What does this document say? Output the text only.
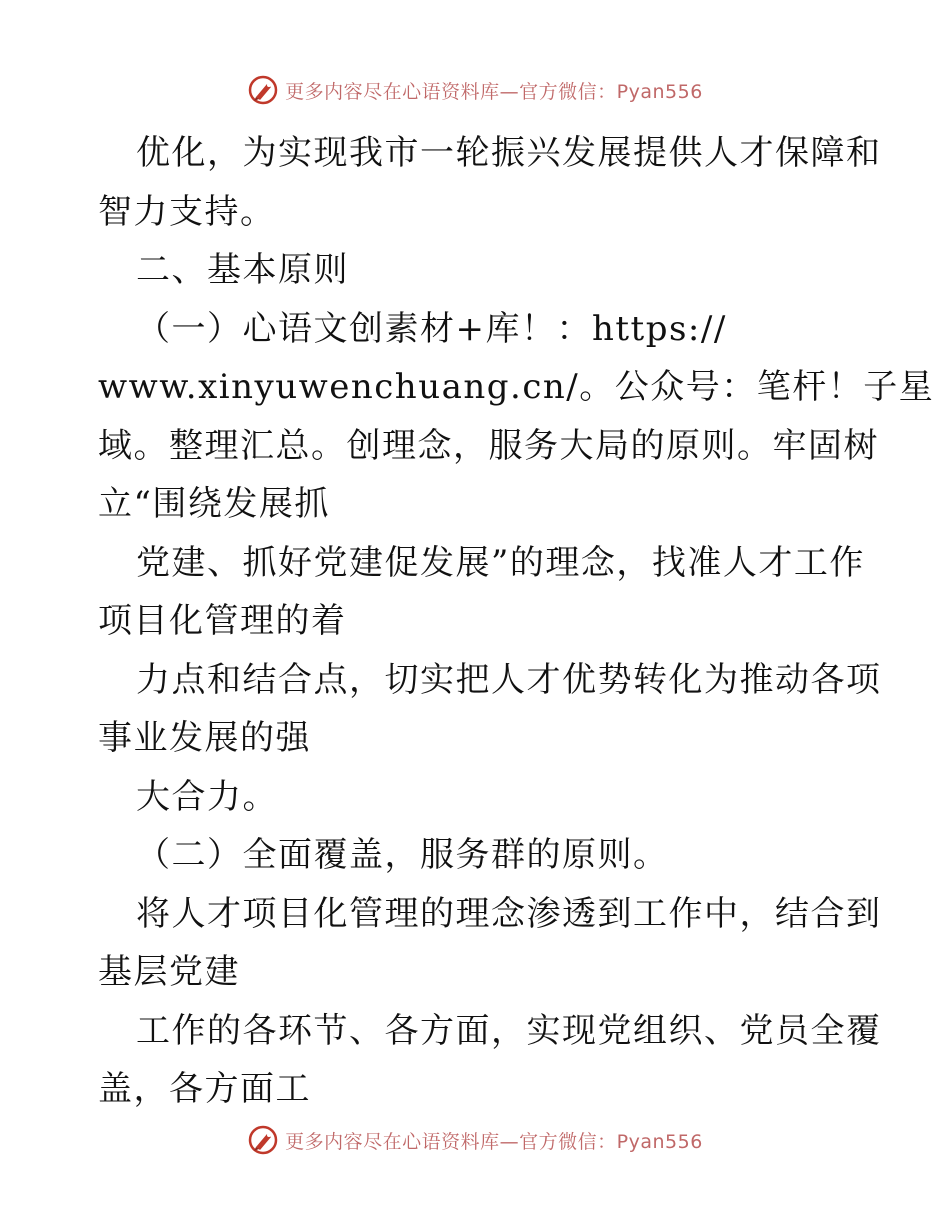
更多内容尽在心语资料库—官方微信：Pyan556
优化，为实现我市一轮振兴发展提供人才保障和
智力支持。
二、基本原则
（一）心语文创素材+库！：https://
www.xinyuwenchuang.cn/。公众号：笔杆！子星
域。整理汇总。创理念，服务大局的原则。牢固树
立“围绕发展抓
党建、抓好党建促发展”的理念，找准人才工作
项目化管理的着
力点和结合点，切实把人才优势转化为推动各项
事业发展的强
大合力。
（二）全面覆盖，服务群的原则。
将人才项目化管理的理念渗透到工作中，结合到
基层党建
工作的各环节、各方面，实现党组织、党员全覆
盖，各方面工
更多内容尽在心语资料库—官方微信：Pyan556
